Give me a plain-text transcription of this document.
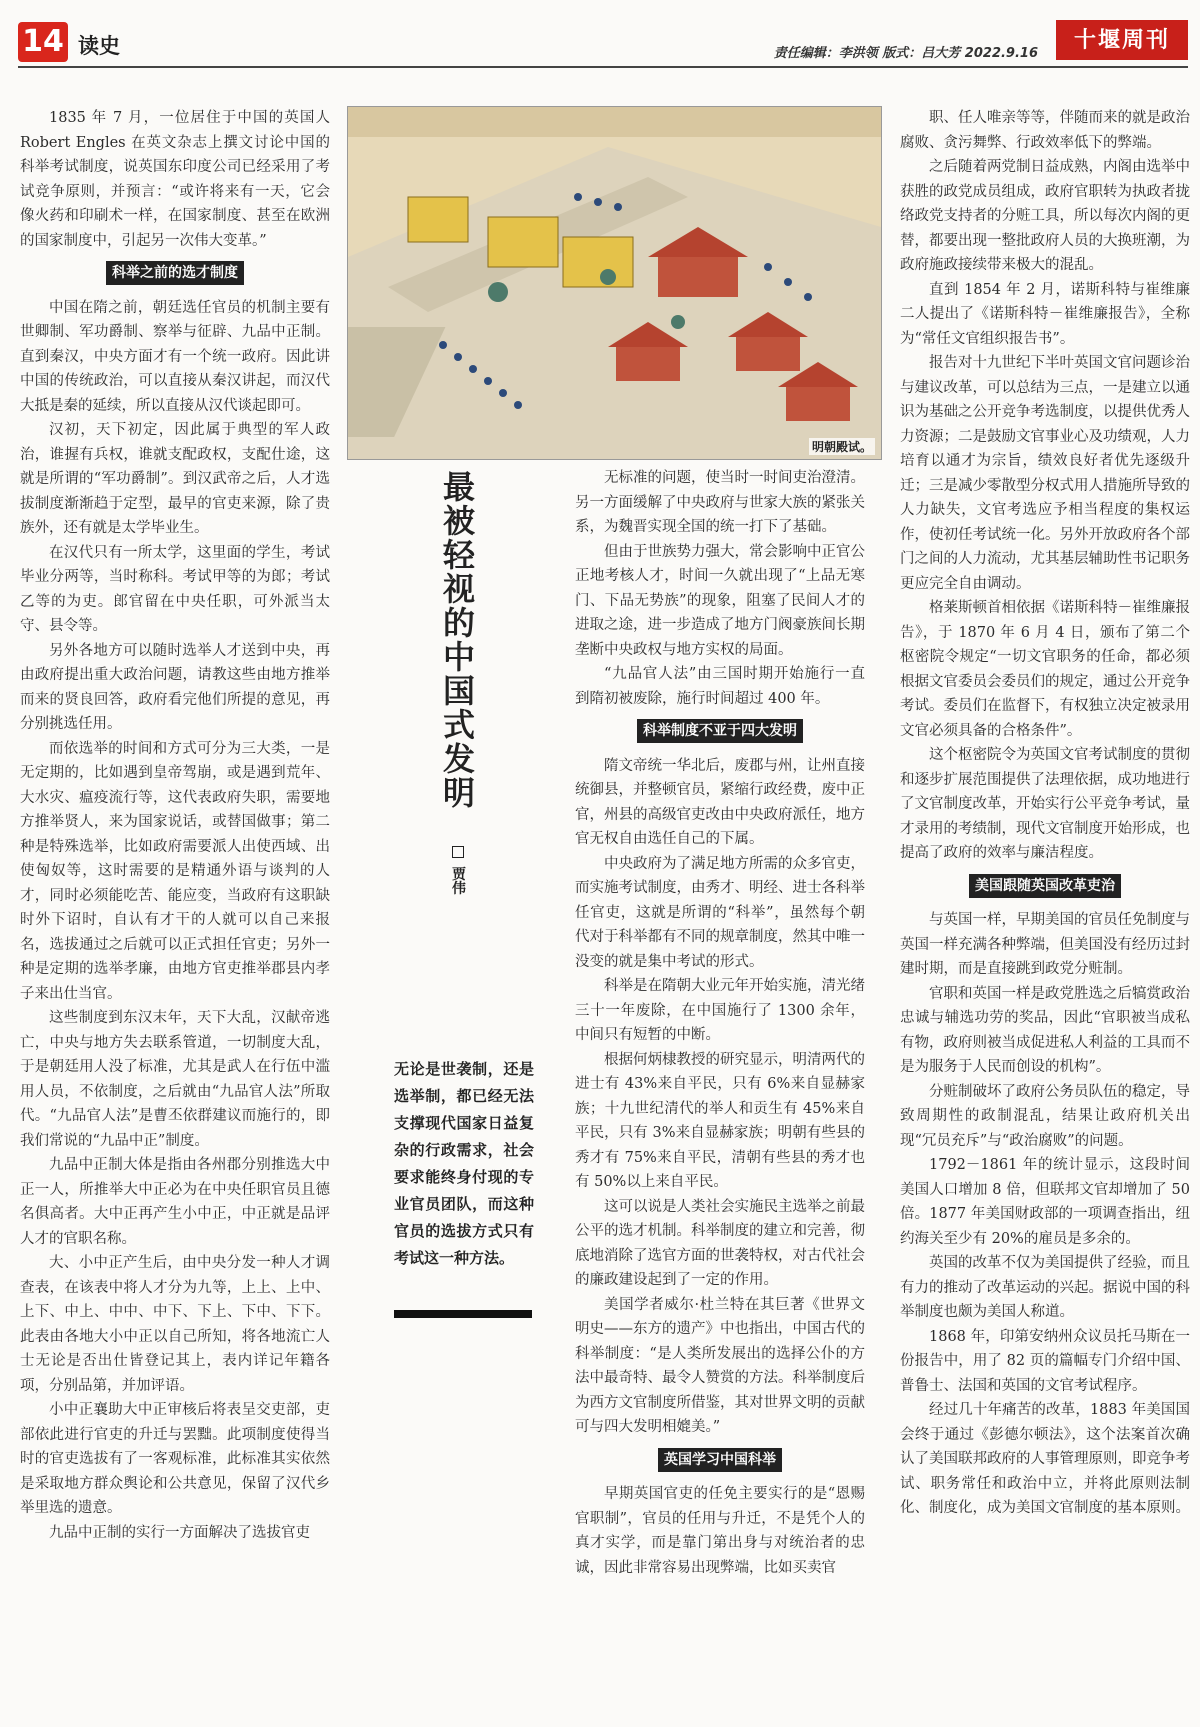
14 读史	责任编辑：李洪领 版式：吕大芳 2022.9.16
十堰周刊

1835 年 7 月，一位居住于中国的英国人 Robert Engles 在英文杂志上撰文讨论中国的科举考试制度，说英国东印度公司已经采用了考试竞争原则，并预言：“或许将来有一天，它会像火药和印刷术一样，在国家制度、甚至在欧洲的国家制度中，引起另一次伟大变革。”

科举之前的选才制度

中国在隋之前，朝廷选任官员的机制主要有世卿制、军功爵制、察举与征辟、九品中正制。直到秦汉，中央方面才有一个统一政府。因此讲中国的传统政治，可以直接从秦汉讲起，而汉代大抵是秦的延续，所以直接从汉代谈起即可。

汉初，天下初定，因此属于典型的军人政治，谁握有兵权，谁就支配政权，支配仕途，这就是所谓的“军功爵制”。到汉武帝之后，人才选拔制度渐渐趋于定型，最早的官吏来源，除了贵族外，还有就是太学毕业生。

在汉代只有一所太学，这里面的学生，考试毕业分两等，当时称科。考试甲等的为郎；考试乙等的为吏。郎官留在中央任职，可外派当太守、县令等。

另外各地方可以随时选举人才送到中央，再由政府提出重大政治问题，请教这些由地方推举而来的贤良回答，政府看完他们所提的意见，再分别挑选任用。

而依选举的时间和方式可分为三大类，一是无定期的，比如遇到皇帝驾崩，或是遇到荒年、大水灾、瘟疫流行等，这代表政府失职，需要地方推举贤人，来为国家说话，或替国做事；第二种是特殊选举，比如政府需要派人出使西域、出使匈奴等，这时需要的是精通外语与谈判的人才，同时必须能吃苦、能应变，当政府有这职缺时外下诏时，自认有才干的人就可以自己来报名，选拔通过之后就可以正式担任官吏；另外一种是定期的选举孝廉，由地方官吏推举郡县内孝子来出仕当官。

这些制度到东汉末年，天下大乱，汉献帝逃亡，中央与地方失去联系管道，一切制度大乱，于是朝廷用人没了标准，尤其是武人在行伍中滥用人员，不依制度，之后就由“九品官人法”所取代。“九品官人法”是曹丕依群建议而施行的，即我们常说的“九品中正”制度。

九品中正制大体是指由各州郡分别推选大中正一人，所推举大中正必为在中央任职官员且德名俱高者。大中正再产生小中正，中正就是品评人才的官职名称。

大、小中正产生后，由中央分发一种人才调查表，在该表中将人才分为九等，上上、上中、上下、中上、中中、中下、下上、下中、下下。此表由各地大小中正以自己所知，将各地流亡人士无论是否出仕皆登记其上，表内详记年籍各项，分别品第，并加评语。

小中正襄助大中正审核后将表呈交吏部，吏部依此进行官吏的升迁与罢黜。此项制度使得当时的官吏选拔有了一客观标准，此标准其实依然是采取地方群众舆论和公共意见，保留了汉代乡举里选的遗意。

九品中正制的实行一方面解决了选拔官吏

明朝殿试。
最被轻视的中国式发明
贾伟
无论是世袭制，还是选举制，都已经无法支撑现代国家日益复杂的行政需求，社会要求能终身付现的专业官员团队，而这种官员的选拔方式只有考试这一种方法。

无标准的问题，使当时一时间吏治澄清。另一方面缓解了中央政府与世家大族的紧张关系，为魏晋实现全国的统一打下了基础。

但由于世族势力强大，常会影响中正官公正地考核人才，时间一久就出现了“上品无寒门、下品无势族”的现象，阻塞了民间人才的进取之途，进一步造成了地方门阀豪族间长期垄断中央政权与地方实权的局面。

“九品官人法”由三国时期开始施行一直到隋初被废除，施行时间超过 400 年。

科举制度不亚于四大发明

隋文帝统一华北后，废郡与州，让州直接统御县，并整顿官员，紧缩行政经费，废中正官，州县的高级官吏改由中央政府派任，地方官无权自由选任自己的下属。

中央政府为了满足地方所需的众多官吏，而实施考试制度，由秀才、明经、进士各科举任官吏，这就是所谓的“科举”，虽然每个朝代对于科举都有不同的规章制度，然其中唯一没变的就是集中考试的形式。

科举是在隋朝大业元年开始实施，清光绪三十一年废除，在中国施行了 1300 余年，中间只有短暂的中断。

根据何炳棣教授的研究显示，明清两代的进士有 43%来自平民，只有 6%来自显赫家族；十九世纪清代的举人和贡生有 45%来自平民，只有 3%来自显赫家族；明朝有些县的秀才有 75%来自平民，清朝有些县的秀才也有 50%以上来自平民。

这可以说是人类社会实施民主选举之前最公平的选才机制。科举制度的建立和完善，彻底地消除了选官方面的世袭特权，对古代社会的廉政建设起到了一定的作用。

美国学者威尔·杜兰特在其巨著《世界文明史——东方的遗产》中也指出，中国古代的科举制度：“是人类所发展出的选择公仆的方法中最奇特、最令人赞赏的方法。科举制度后为西方文官制度所借鉴，其对世界文明的贡献可与四大发明相媲美。”

英国学习中国科举

早期英国官吏的任免主要实行的是“恩赐官职制”，官员的任用与升迁，不是凭个人的真才实学，而是靠门第出身与对统治者的忠诚，因此非常容易出现弊端，比如买卖官

职、任人唯亲等等，伴随而来的就是政治腐败、贪污舞弊、行政效率低下的弊端。

之后随着两党制日益成熟，内阁由选举中获胜的政党成员组成，政府官职转为执政者拢络政党支持者的分赃工具，所以每次内阁的更替，都要出现一整批政府人员的大换班潮，为政府施政接续带来极大的混乱。

直到 1854 年 2 月，诺斯科特与崔维廉二人提出了《诺斯科特－崔维廉报告》，全称为“常任文官组织报告书”。

报告对十九世纪下半叶英国文官问题诊治与建议改革，可以总结为三点，一是建立以通识为基础之公开竞争考选制度，以提供优秀人力资源；二是鼓励文官事业心及功绩观，人力培育以通才为宗旨，绩效良好者优先逐级升迁；三是减少零散型分权式用人措施所导致的人力缺失，文官考选应予相当程度的集权运作，使初任考试统一化。另外开放政府各个部门之间的人力流动，尤其基层辅助性书记职务更应完全自由调动。

格莱斯顿首相依据《诺斯科特－崔维廉报告》，于 1870 年 6 月 4 日，颁布了第二个枢密院令规定“一切文官职务的任命，都必须根据文官委员会委员们的规定，通过公开竞争考试。委员们在监督下，有权独立决定被录用文官必须具备的合格条件”。

这个枢密院令为英国文官考试制度的贯彻和逐步扩展范围提供了法理依据，成功地进行了文官制度改革，开始实行公平竞争考试，量才录用的考绩制，现代文官制度开始形成，也提高了政府的效率与廉洁程度。

美国跟随英国改革吏治

与英国一样，早期美国的官员任免制度与英国一样充满各种弊端，但美国没有经历过封建时期，而是直接跳到政党分赃制。

官职和英国一样是政党胜选之后犒赏政治忠诚与辅选功劳的奖品，因此“官职被当成私有物，政府则被当成促进私人利益的工具而不是为服务于人民而创设的机构”。

分赃制破坏了政府公务员队伍的稳定，导致周期性的政制混乱，结果让政府机关出现“冗员充斥”与“政治腐败”的问题。

1792－1861 年的统计显示，这段时间美国人口增加 8 倍，但联邦文官却增加了 50 倍。1877 年美国财政部的一项调查指出，纽约海关至少有 20%的雇员是多余的。

英国的改革不仅为美国提供了经验，而且有力的推动了改革运动的兴起。据说中国的科举制度也颇为美国人称道。

1868 年，印第安纳州众议员托马斯在一份报告中，用了 82 页的篇幅专门介绍中国、普鲁士、法国和英国的文官考试程序。

经过几十年痛苦的改革，1883 年美国国会终于通过《彭德尔顿法》，这个法案首次确认了美国联邦政府的人事管理原则，即竞争考试、职务常任和政治中立，并将此原则法制化、制度化，成为美国文官制度的基本原则。
